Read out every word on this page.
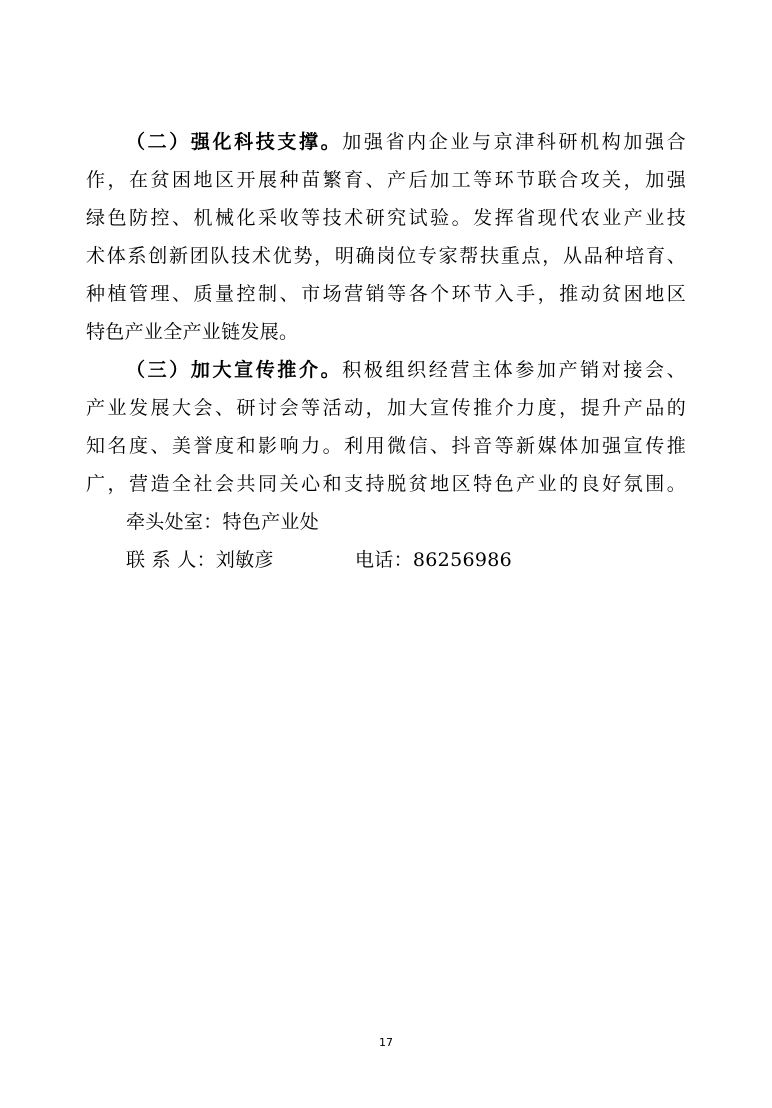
（二）强化科技支撑。加强省内企业与京津科研机构加强合
作，在贫困地区开展种苗繁育、产后加工等环节联合攻关，加强
绿色防控、机械化采收等技术研究试验。发挥省现代农业产业技
术体系创新团队技术优势，明确岗位专家帮扶重点，从品种培育、
种植管理、质量控制、市场营销等各个环节入手，推动贫困地区
特色产业全产业链发展。
（三）加大宣传推介。积极组织经营主体参加产销对接会、
产业发展大会、研讨会等活动，加大宣传推介力度，提升产品的
知名度、美誉度和影响力。利用微信、抖音等新媒体加强宣传推
广，营造全社会共同关心和支持脱贫地区特色产业的良好氛围。
牵头处室：特色产业处
联 系 人：刘敏彦	电话：86256986
17
